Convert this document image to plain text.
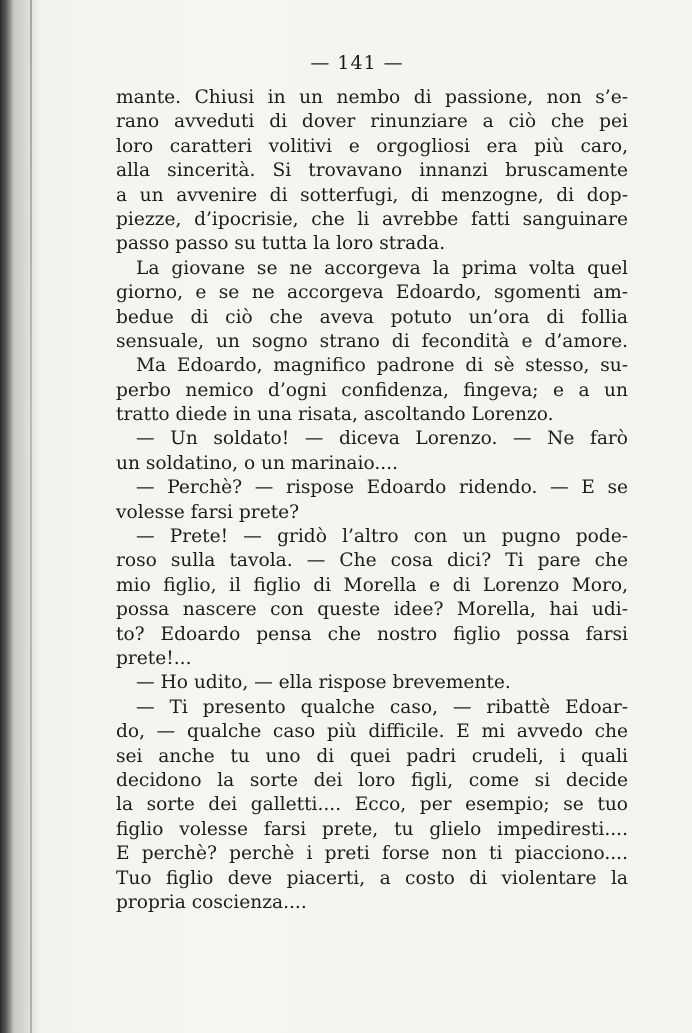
— 141 —
mante. Chiusi in un nembo di passione, non s’e-
rano avveduti di dover rinunziare a ciò che pei
loro caratteri volitivi e orgogliosi era più caro,
alla sincerità. Si trovavano innanzi bruscamente
a un avvenire di sotterfugi, di menzogne, di dop-
piezze, d’ipocrisie, che li avrebbe fatti sanguinare
passo passo su tutta la loro strada.
La giovane se ne accorgeva la prima volta quel
giorno, e se ne accorgeva Edoardo, sgomenti am-
bedue di ciò che aveva potuto un’ora di follia
sensuale, un sogno strano di fecondità e d’amore.
Ma Edoardo, magnifico padrone di sè stesso, su-
perbo nemico d’ogni confidenza, fingeva; e a un
tratto diede in una risata, ascoltando Lorenzo.
— Un soldato! — diceva Lorenzo. — Ne farò
un soldatino, o un marinaio....
— Perchè? — rispose Edoardo ridendo. — E se
volesse farsi prete?
— Prete! — gridò l’altro con un pugno pode-
roso sulla tavola. — Che cosa dici? Ti pare che
mio figlio, il figlio di Morella e di Lorenzo Moro,
possa nascere con queste idee? Morella, hai udi-
to? Edoardo pensa che nostro figlio possa farsi
prete!...
— Ho udito, — ella rispose brevemente.
— Ti presento qualche caso, — ribattè Edoar-
do, — qualche caso più difficile. E mi avvedo che
sei anche tu uno di quei padri crudeli, i quali
decidono la sorte dei loro figli, come si decide
la sorte dei galletti.... Ecco, per esempio; se tuo
figlio volesse farsi prete, tu glielo impediresti....
E perchè? perchè i preti forse non ti piacciono....
Tuo figlio deve piacerti, a costo di violentare la
propria coscienza....
